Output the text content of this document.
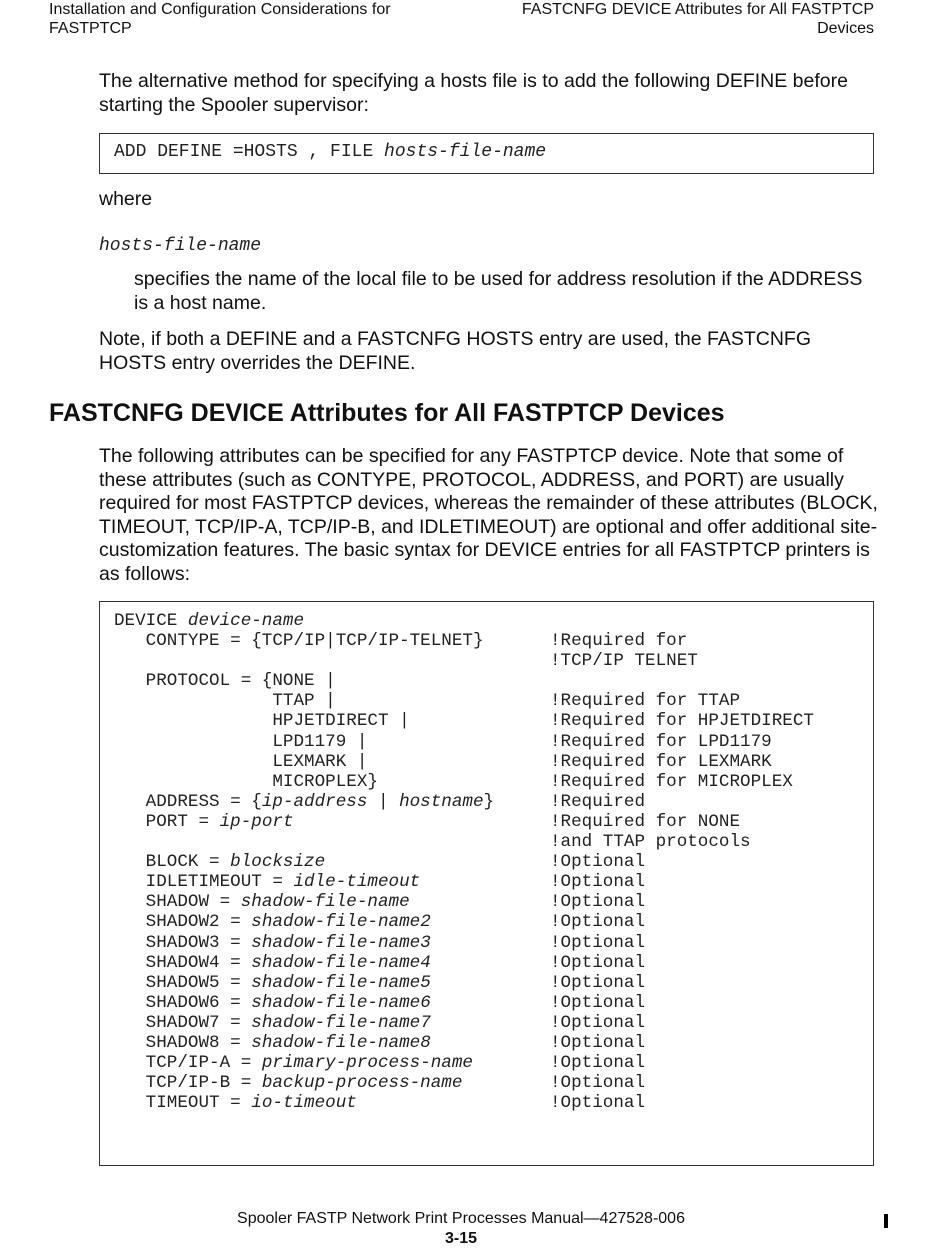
Installation and Configuration Considerations for
FASTPTCP
FASTCNFG DEVICE Attributes for All FASTPTCP
Devices

The alternative method for specifying a hosts file is to add the following DEFINE before starting the Spooler supervisor:

ADD DEFINE =HOSTS , FILE hosts-file-name

where

hosts-file-name

specifies the name of the local file to be used for address resolution if the ADDRESS is a host name.

Note, if both a DEFINE and a FASTCNFG HOSTS entry are used, the FASTCNFG HOSTS entry overrides the DEFINE.

FASTCNFG DEVICE Attributes for All FASTPTCP Devices

The following attributes can be specified for any FASTPTCP device. Note that some of these attributes (such as CONTYPE, PROTOCOL, ADDRESS, and PORT) are usually required for most FASTPTCP devices, whereas the remainder of these attributes (BLOCK, TIMEOUT, TCP/IP-A, TCP/IP-B, and IDLETIMEOUT) are optional and offer additional site-customization features. The basic syntax for DEVICE entries for all FASTPTCP printers is as follows:

DEVICE device-name
CONTYPE = {TCP/IP|TCP/IP-TELNET}	!Required for
!TCP/IP TELNET
PROTOCOL = {NONE |
TTAP |	!Required for TTAP
HPJETDIRECT |	!Required for HPJETDIRECT
LPD1179 |	!Required for LPD1179
LEXMARK |	!Required for LEXMARK
MICROPLEX}	!Required for MICROPLEX
ADDRESS = {ip-address | hostname}	!Required
PORT = ip-port	!Required for NONE
!and TTAP protocols
BLOCK = blocksize	!Optional
IDLETIMEOUT = idle-timeout	!Optional
SHADOW = shadow-file-name	!Optional
SHADOW2 = shadow-file-name2	!Optional
SHADOW3 = shadow-file-name3	!Optional
SHADOW4 = shadow-file-name4	!Optional
SHADOW5 = shadow-file-name5	!Optional
SHADOW6 = shadow-file-name6	!Optional
SHADOW7 = shadow-file-name7	!Optional
SHADOW8 = shadow-file-name8	!Optional
TCP/IP-A = primary-process-name	!Optional
TCP/IP-B = backup-process-name	!Optional
TIMEOUT = io-timeout	!Optional
Spooler FASTP Network Print Processes Manual—427528-006
3-15
